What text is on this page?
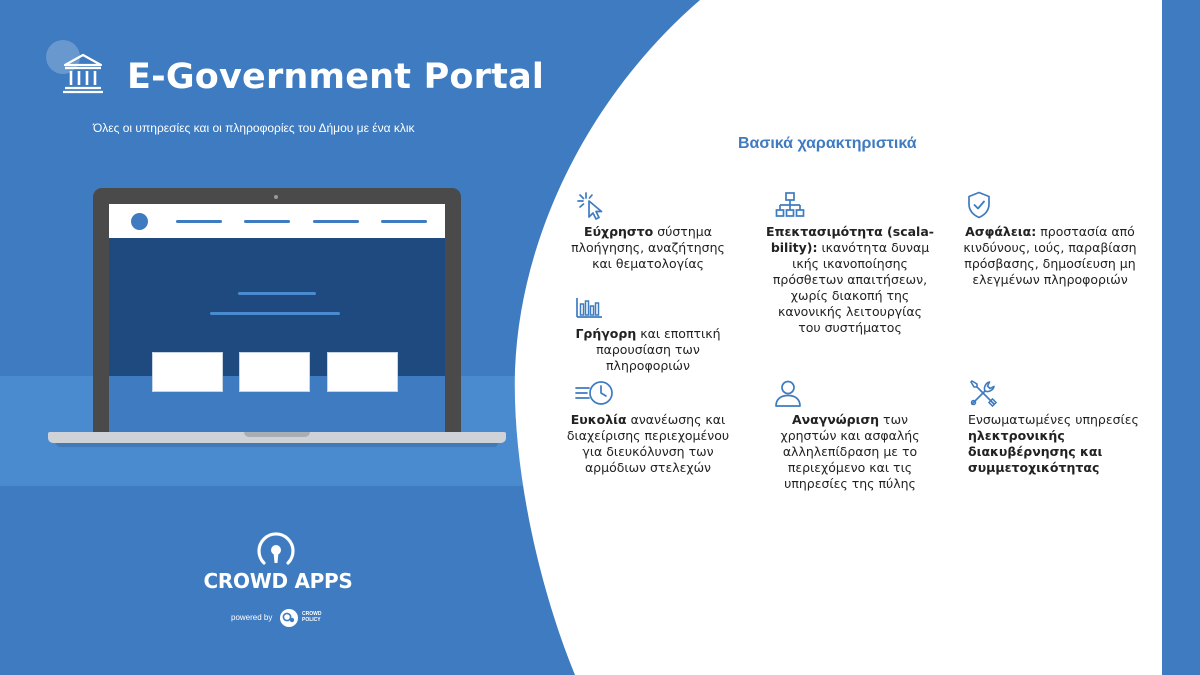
E-Government Portal
Όλες οι υπηρεσίες και οι πληροφορίες του Δήμου με ένα κλικ
CROWD APPS
powered by	CROWD
POLICY
Βασικά χαρακτηριστικά
Εύχρηστο σύστημα πλοήγησης, αναζήτησης και θεματολογίας
Επεκτασιμότητα (scala-bility): ικανότητα δυναμ ικής ικανοποίησης πρόσθετων απαιτήσεων, χωρίς διακοπή της κανονικής λειτουργίας του συστήματος
Ασφάλεια: προστασία από κινδύνους, ιούς, παραβίαση πρόσβασης, δημοσίευση μη ελεγμένων πληροφοριών
Γρήγορη και εποπτική παρουσίαση των πληροφοριών
Ευκολία ανανέωσης και διαχείρισης περιεχομένου για διευκόλυνση των αρμόδιων στελεχών
Αναγνώριση των χρηστών και ασφαλής αλληλεπίδραση με το περιεχόμενο και τις υπηρεσίες της πύλης
Ενσωματωμένες υπηρεσίες ηλεκτρονικής διακυβέρνησης και συμμετοχικότητας
